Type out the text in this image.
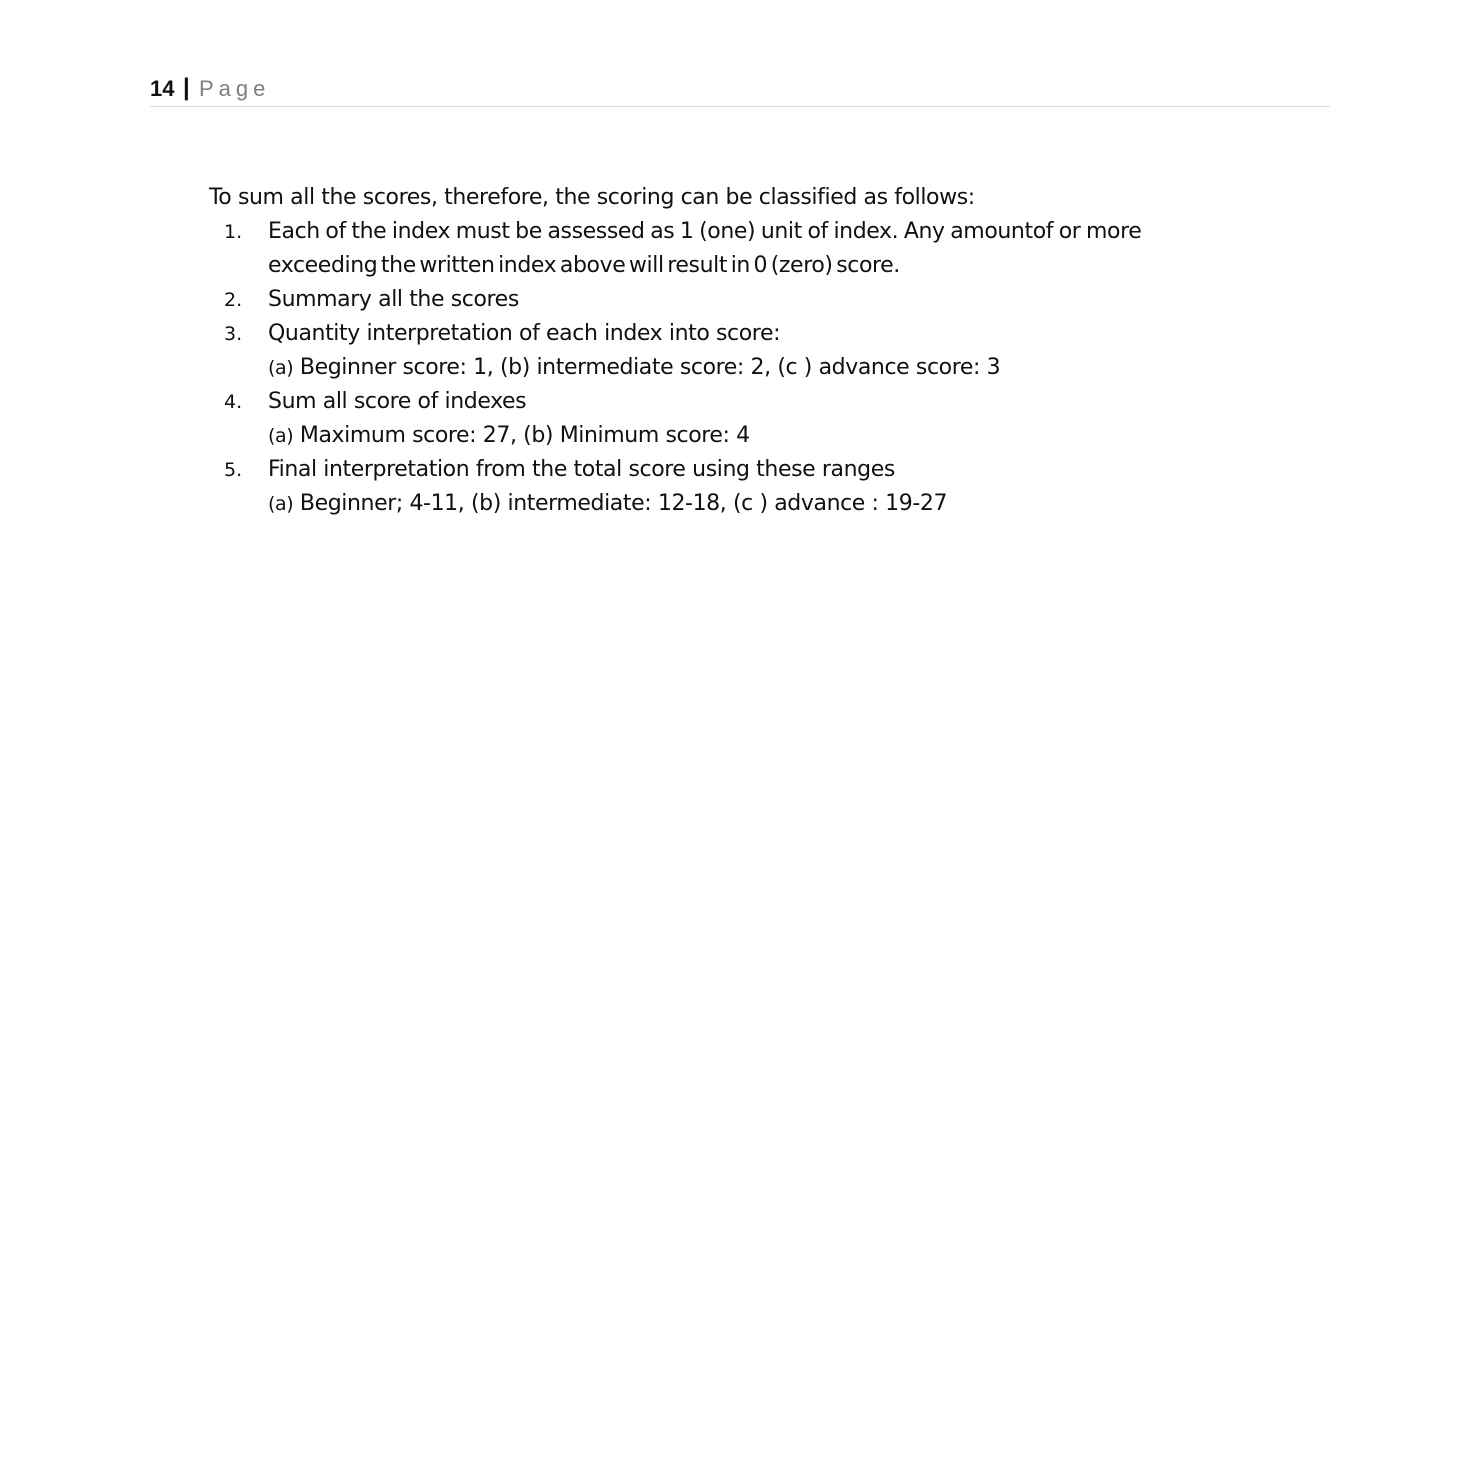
14 | Page

To sum all the scores, therefore, the scoring can be classified as follows:

1. Each of the index must be assessed as 1 (one) unit of index. Any amountof or more
exceeding the written index above will result in 0 (zero) score.
2. Summary all the scores
3. Quantity interpretation of each index into score:
(a) Beginner score: 1, (b) intermediate score: 2, (c ) advance score: 3
4. Sum all score of indexes
(a) Maximum score: 27, (b) Minimum score: 4
5. Final interpretation from the total score using these ranges
(a) Beginner; 4-11, (b) intermediate: 12-18, (c ) advance : 19-27
